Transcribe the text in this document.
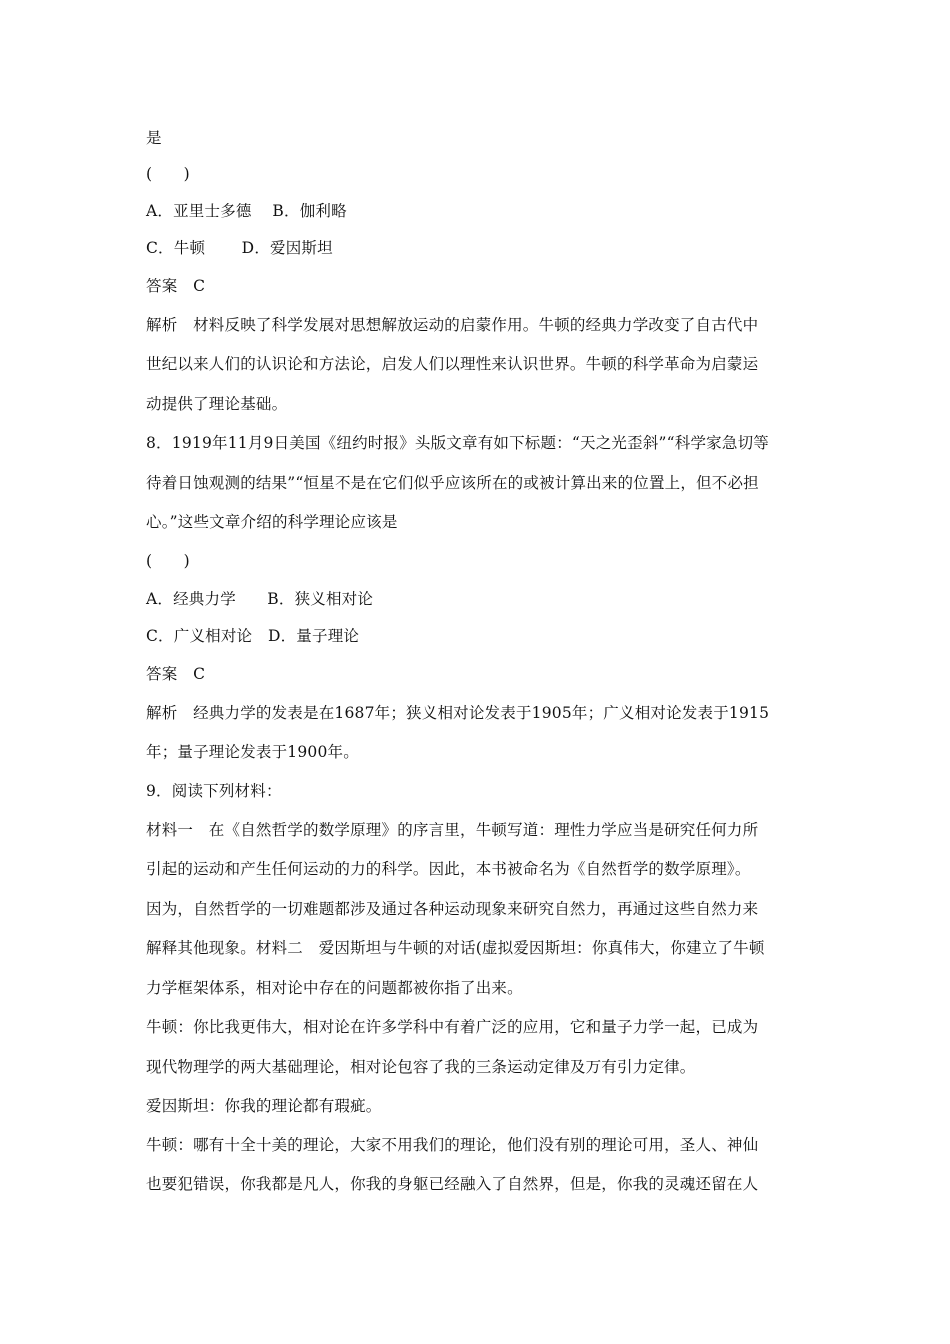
是
(　　)
A．亚里士多德　 B．伽利略
C．牛顿　　 D．爱因斯坦
答案　C
解析　材料反映了科学发展对思想解放运动的启蒙作用。牛顿的经典力学改变了自古代中
世纪以来人们的认识论和方法论，启发人们以理性来认识世界。牛顿的科学革命为启蒙运
动提供了理论基础。
8．1919年11月9日美国《纽约时报》头版文章有如下标题：“天之光歪斜”“科学家急切等
待着日蚀观测的结果”“恒星不是在它们似乎应该所在的或被计算出来的位置上，但不必担
心。”这些文章介绍的科学理论应该是
(　　)
A．经典力学　　B．狭义相对论
C．广义相对论　D．量子理论
答案　C
解析　经典力学的发表是在1687年；狭义相对论发表于1905年；广义相对论发表于1915
年；量子理论发表于1900年。
9．阅读下列材料：
材料一　在《自然哲学的数学原理》的序言里，牛顿写道：理性力学应当是研究任何力所
引起的运动和产生任何运动的力的科学。因此，本书被命名为《自然哲学的数学原理》。
因为，自然哲学的一切难题都涉及通过各种运动现象来研究自然力，再通过这些自然力来
解释其他现象。材料二　爱因斯坦与牛顿的对话(虚拟爱因斯坦：你真伟大，你建立了牛顿
力学框架体系，相对论中存在的问题都被你指了出来。
牛顿：你比我更伟大，相对论在许多学科中有着广泛的应用，它和量子力学一起，已成为
现代物理学的两大基础理论，相对论包容了我的三条运动定律及万有引力定律。
爱因斯坦：你我的理论都有瑕疵。
牛顿：哪有十全十美的理论，大家不用我们的理论，他们没有别的理论可用，圣人、神仙
也要犯错误，你我都是凡人，你我的身躯已经融入了自然界，但是，你我的灵魂还留在人
